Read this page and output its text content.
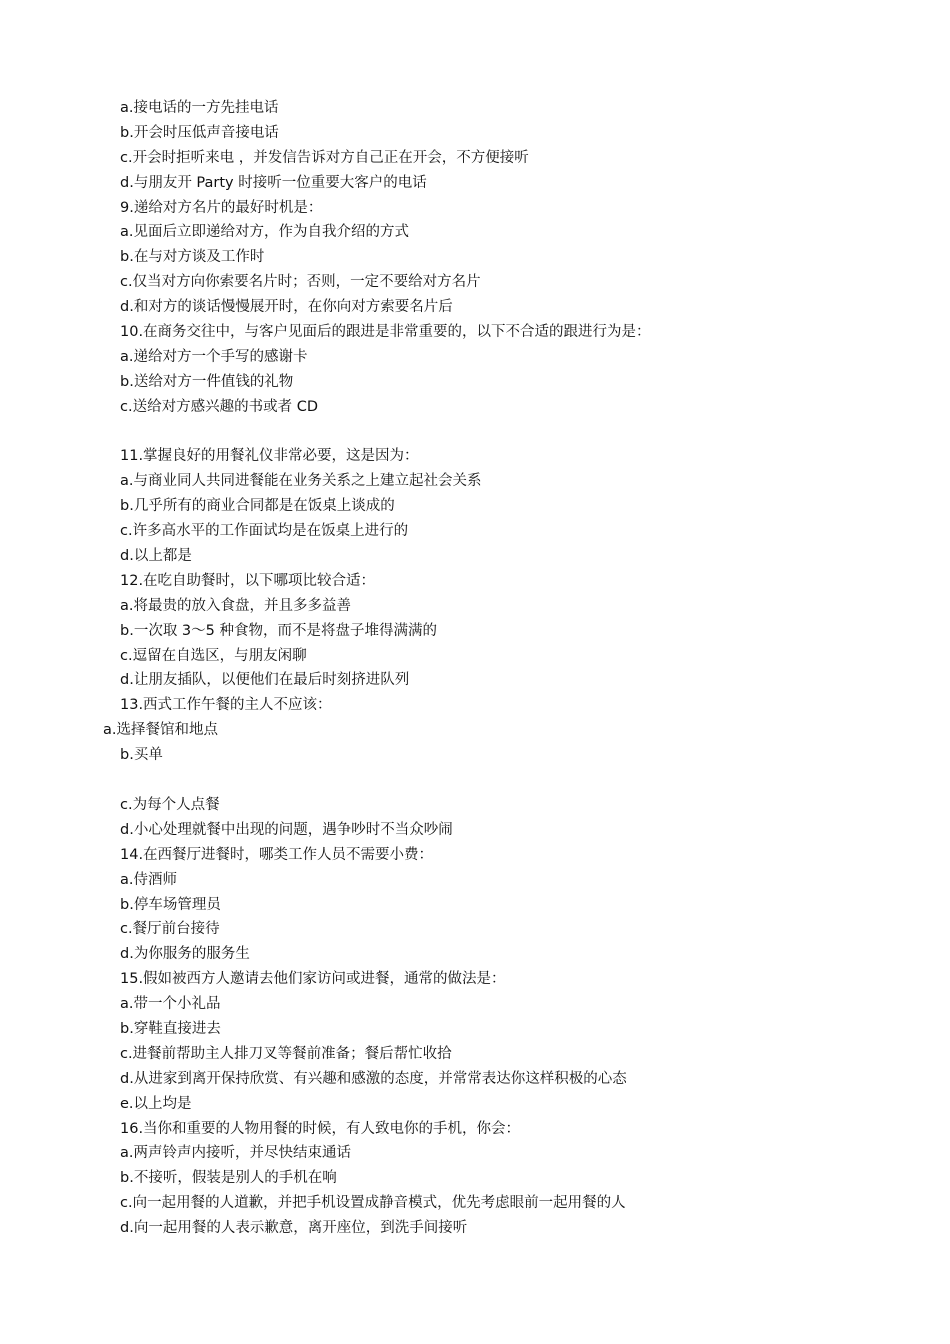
a.接电话的一方先挂电话
b.开会时压低声音接电话
c.开会时拒听来电 ，并发信告诉对方自己正在开会，不方便接听
d.与朋友开 Party 时接听一位重要大客户的电话
9.递给对方名片的最好时机是：
a.见面后立即递给对方，作为自我介绍的方式
b.在与对方谈及工作时
c.仅当对方向你索要名片时；否则，一定不要给对方名片
d.和对方的谈话慢慢展开时，在你向对方索要名片后
10.在商务交往中，与客户见面后的跟进是非常重要的，以下不合适的跟进行为是：
a.递给对方一个手写的感谢卡
b.送给对方一件值钱的礼物
c.送给对方感兴趣的书或者 CD
11.掌握良好的用餐礼仪非常必要，这是因为：
a.与商业同人共同进餐能在业务关系之上建立起社会关系
b.几乎所有的商业合同都是在饭桌上谈成的
c.许多高水平的工作面试均是在饭桌上进行的
d.以上都是
12.在吃自助餐时，以下哪项比较合适：
a.将最贵的放入食盘，并且多多益善
b.一次取 3～5 种食物，而不是将盘子堆得满满的
c.逗留在自选区，与朋友闲聊
d.让朋友插队，以便他们在最后时刻挤进队列
13.西式工作午餐的主人不应该：
a.选择餐馆和地点
b.买单
c.为每个人点餐
d.小心处理就餐中出现的问题，遇争吵时不当众吵闹
14.在西餐厅进餐时，哪类工作人员不需要小费：
a.侍酒师
b.停车场管理员
c.餐厅前台接待
d.为你服务的服务生
15.假如被西方人邀请去他们家访问或进餐，通常的做法是：
a.带一个小礼品
b.穿鞋直接进去
c.进餐前帮助主人排刀叉等餐前准备；餐后帮忙收拾
d.从进家到离开保持欣赏、有兴趣和感激的态度，并常常表达你这样积极的心态
e.以上均是
16.当你和重要的人物用餐的时候，有人致电你的手机，你会：
a.两声铃声内接听，并尽快结束通话
b.不接听，假装是别人的手机在响
c.向一起用餐的人道歉，并把手机设置成静音模式，优先考虑眼前一起用餐的人
d.向一起用餐的人表示歉意，离开座位，到洗手间接听
